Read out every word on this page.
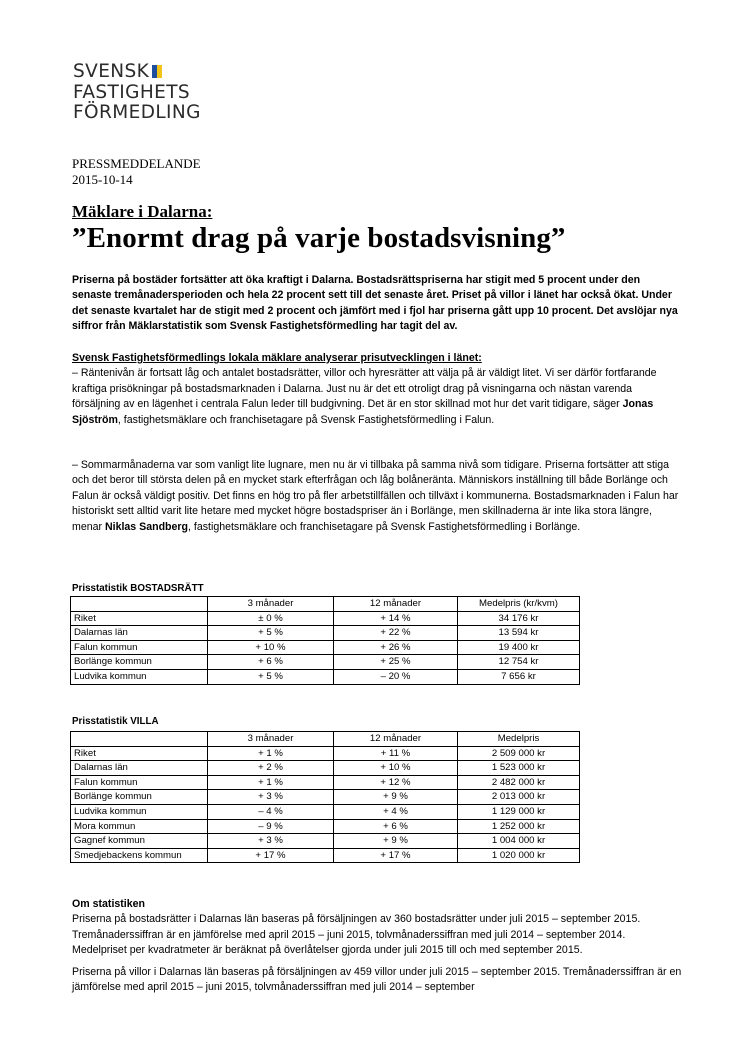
SVENSK
FASTIGHETS
FÖRMEDLING
PRESSMEDDELANDE
2015-10-14
Mäklare i Dalarna:
”Enormt drag på varje bostadsvisning”
Priserna på bostäder fortsätter att öka kraftigt i Dalarna. Bostadsrättspriserna har stigit med 5 procent under den senaste tremånadersperioden och hela 22 procent sett till det senaste året. Priset på villor i länet har också ökat. Under det senaste kvartalet har de stigit med 2 procent och jämfört med i fjol har priserna gått upp 10 procent. Det avslöjar nya siffror från Mäklarstatistik som Svensk Fastighetsförmedling har tagit del av.

Svensk Fastighetsförmedlings lokala mäklare analyserar prisutvecklingen i länet:

– Räntenivån är fortsatt låg och antalet bostadsrätter, villor och hyresrätter att välja på är väldigt litet. Vi ser därför fortfarande kraftiga prisökningar på bostadsmarknaden i Dalarna. Just nu är det ett otroligt drag på visningarna och nästan varenda försäljning av en lägenhet i centrala Falun leder till budgivning. Det är en stor skillnad mot hur det varit tidigare, säger Jonas Sjöström, fastighetsmäklare och franchisetagare på Svensk Fastighetsförmedling i Falun.

– Sommarmånaderna var som vanligt lite lugnare, men nu är vi tillbaka på samma nivå som tidigare. Priserna fortsätter att stiga och det beror till största delen på en mycket stark efterfrågan och låg bolåneränta. Människors inställning till både Borlänge och Falun är också väldigt positiv. Det finns en hög tro på fler arbetstillfällen och tillväxt i kommunerna. Bostadsmarknaden i Falun har historiskt sett alltid varit lite hetare med mycket högre bostadspriser än i Borlänge, men skillnaderna är inte lika stora längre, menar Niklas Sandberg, fastighetsmäklare och franchisetagare på Svensk Fastighetsförmedling i Borlänge.

Prisstatistik BOSTADSRÄTT
	3 månader	12 månader	Medelpris (kr/kvm)
Riket	± 0 %	+ 14 %	34 176 kr
Dalarnas län	+ 5 %	+ 22 %	13 594 kr
Falun kommun	+ 10 %	+ 26 %	19 400 kr
Borlänge kommun	+ 6 %	+ 25 %	12 754 kr
Ludvika kommun	+ 5 %	– 20 %	7 656 kr
Prisstatistik VILLA
	3 månader	12 månader	Medelpris
Riket	+ 1 %	+ 11 %	2 509 000 kr
Dalarnas län	+ 2 %	+ 10 %	1 523 000 kr
Falun kommun	+ 1 %	+ 12 %	2 482 000 kr
Borlänge kommun	+ 3 %	+ 9 %	2 013 000 kr
Ludvika kommun	– 4 %	+ 4 %	1 129 000 kr
Mora kommun	– 9 %	+ 6 %	1 252 000 kr
Gagnef kommun	+ 3 %	+ 9 %	1 004 000 kr
Smedjebackens kommun	+ 17 %	+ 17 %	1 020 000 kr

Om statistiken

Priserna på bostadsrätter i Dalarnas län baseras på försäljningen av 360 bostadsrätter under juli 2015 – september 2015. Tremånaderssiffran är en jämförelse med april 2015 – juni 2015, tolvmånaderssiffran med juli 2014 – september 2014. Medelpriset per kvadratmeter är beräknat på överlåtelser gjorda under juli 2015 till och med september 2015.

Priserna på villor i Dalarnas län baseras på försäljningen av 459 villor under juli 2015 – september 2015. Tremånaderssiffran är en jämförelse med april 2015 – juni 2015, tolvmånaderssiffran med juli 2014 – september
